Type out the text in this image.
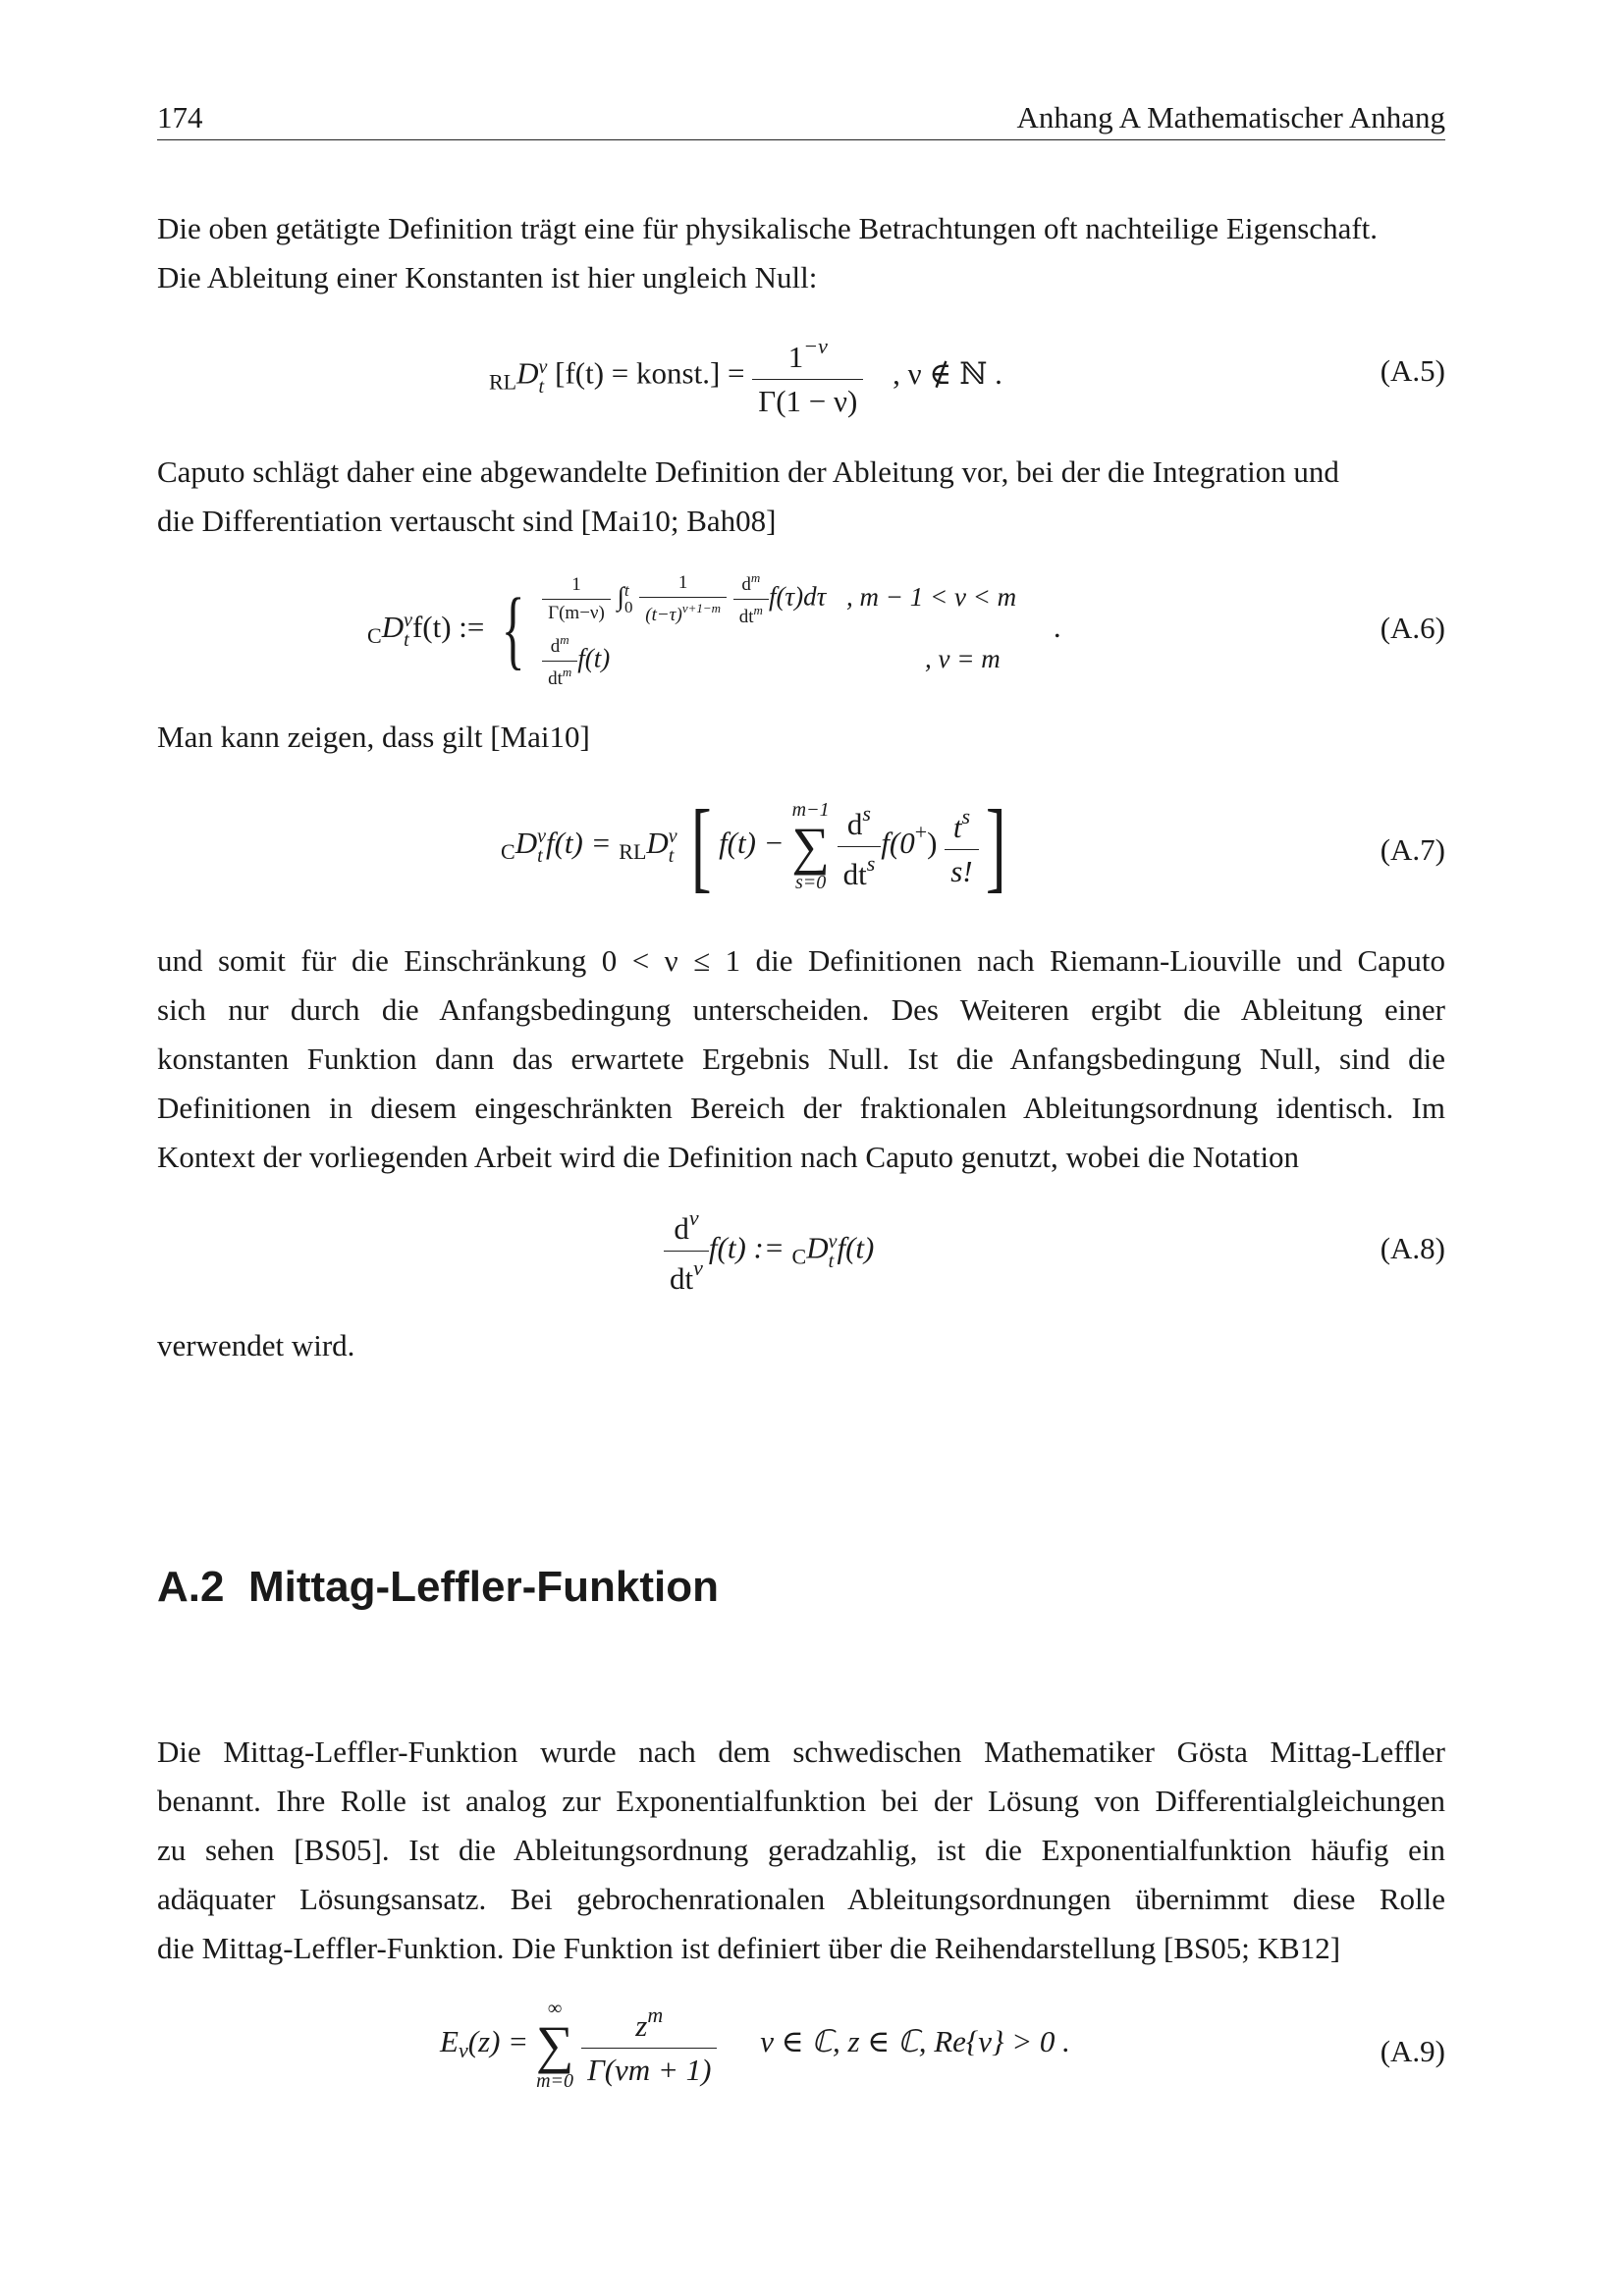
174	Anhang A Mathematischer Anhang
Die oben getätigte Definition trägt eine für physikalische Betrachtungen oft nachteilige Eigenschaft.
Die Ableitung einer Konstanten ist hier ungleich Null:
$_{RL}$D ν
t [f(t) = konst.] = $\frac{1^{-\nu}}{\Gamma(1 - \nu)}$ , ν ∉ ℕ .	(A.5)
Caputo schlägt daher eine abgewandelte Definition der Ableitung vor, bei der die Integration und
die Differentiation vertauscht sind [Mai10; Bah08]
$_C$D ν
t f(t) := { $\frac{1}{\Gamma(m-\nu)}$ ∫ t
0
$\frac{1}{(t-\tau)^{\nu+1-m}}$
$\frac{d^m}{dt^m} f(\tau)d\tau$ , m − 1 < ν < m
$\frac{d^m}{dt^m} f(t)$	, ν = m
.	(A.6)
Man kann zeigen, dass gilt [Mai10]
$_C$D ν
t f(t) = $_{RL}$D ν
t [ f(t) −
m−1
∑
s=0
$\frac{d^s}{dt^s} f(0^+) \frac{t^s}{s!}$ ]	(A.7)
und somit für die Einschränkung 0 < ν ≤ 1 die Definitionen nach Riemann-Liouville und Caputo
sich nur durch die Anfangsbedingung unterscheiden. Des Weiteren ergibt die Ableitung einer
konstanten Funktion dann das erwartete Ergebnis Null. Ist die Anfangsbedingung Null, sind die
Definitionen in diesem eingeschränkten Bereich der fraktionalen Ableitungsordnung identisch. Im
Kontext der vorliegenden Arbeit wird die Definition nach Caputo genutzt, wobei die Notation
$\frac{d^\nu}{dt^\nu} f(t)$ := $_C$D ν
t f(t)	(A.8)
verwendet wird.
A.2 Mittag-Leffler-Funktion
Die Mittag-Leffler-Funktion wurde nach dem schwedischen Mathematiker Gösta Mittag-Leffler
benannt. Ihre Rolle ist analog zur Exponentialfunktion bei der Lösung von Differentialgleichungen
zu sehen [BS05]. Ist die Ableitungsordnung geradzahlig, ist die Exponentialfunktion häufig ein
adäquater Lösungsansatz. Bei gebrochenrationalen Ableitungsordnungen übernimmt diese Rolle
die Mittag-Leffler-Funktion. Die Funktion ist definiert über die Reihendarstellung [BS05; KB12]
Eν(z) =
∞
∑
m=0
$\frac{z^m}{\Gamma(\nu m + 1)}$ ν ∈ ℂ, z ∈ ℂ, Re{ν} > 0 .	(A.9)
